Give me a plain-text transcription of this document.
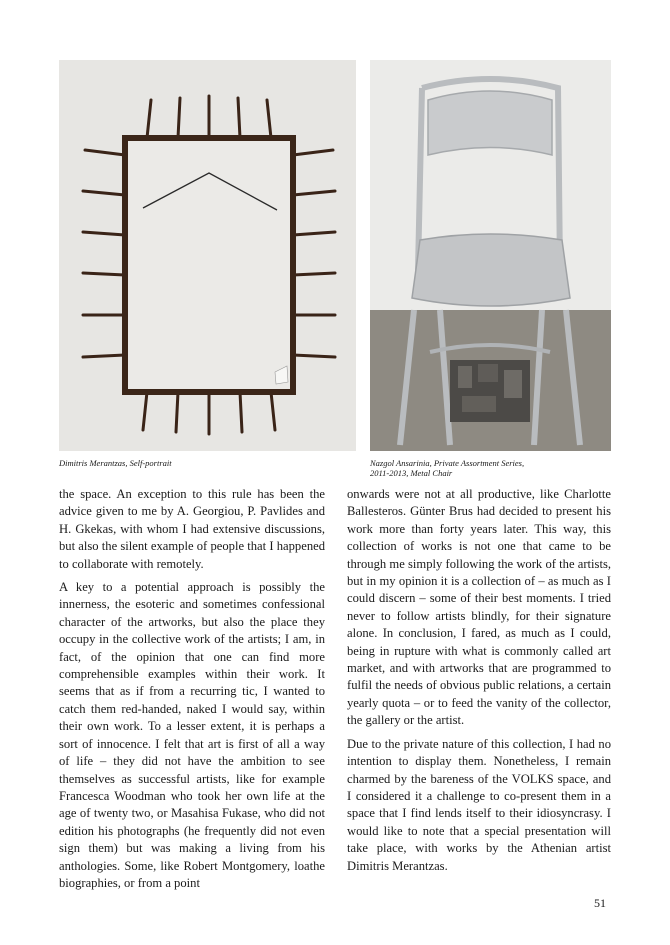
Dimitris Merantzas, Self-portrait	Nazgol Ansarinia, Private Assortment Series,
2011-2013, Metal Chair

the space. An exception to this rule has been the advice given to me by A. Georgiou, P. Pavlides and H. Gkekas, with whom I had extensive discussions, but also the silent example of people that I happened to collaborate with remotely.

A key to a potential approach is possibly the innerness, the esoteric and sometimes confessional character of the artworks, but also the place they occupy in the collective work of the artists; I am, in fact, of the opinion that one can find more comprehensible examples within their work. It seems that as if from a recurring tic, I wanted to catch them red-handed, naked I would say, within their own work. To a lesser extent, it is perhaps a sort of innocence. I felt that art is first of all a way of life – they did not have the ambition to see themselves as successful artists, like for example Francesca Woodman who took her own life at the age of twenty two, or Masahisa Fukase, who did not edition his photographs (he frequently did not even sign them) but was making a living from his anthologies. Some, like Robert Montgomery, loathe biographies, or from a point

onwards were not at all productive, like Charlotte Ballesteros. Günter Brus had decided to present his work more than forty years later. This way, this collection of works is not one that came to be through me simply following the work of the artists, but in my opinion it is a collection of – as much as I could discern – some of their best moments. I tried never to follow artists blindly, for their signature alone. In conclusion, I fared, as much as I could, being in rupture with what is commonly called art market, and with artworks that are programmed to fulfil the needs of obvious public relations, a certain yearly quota – or to feed the vanity of the collector, the gallery or the artist.

Due to the private nature of this collection, I had no intention to display them. Nonetheless, I remain charmed by the bareness of the VOLKS space, and I considered it a challenge to co-present them in a space that I find lends itself to their idiosyncrasy. I would like to note that a special presentation will take place, with works by the Athenian artist Dimitris Merantzas.

51
